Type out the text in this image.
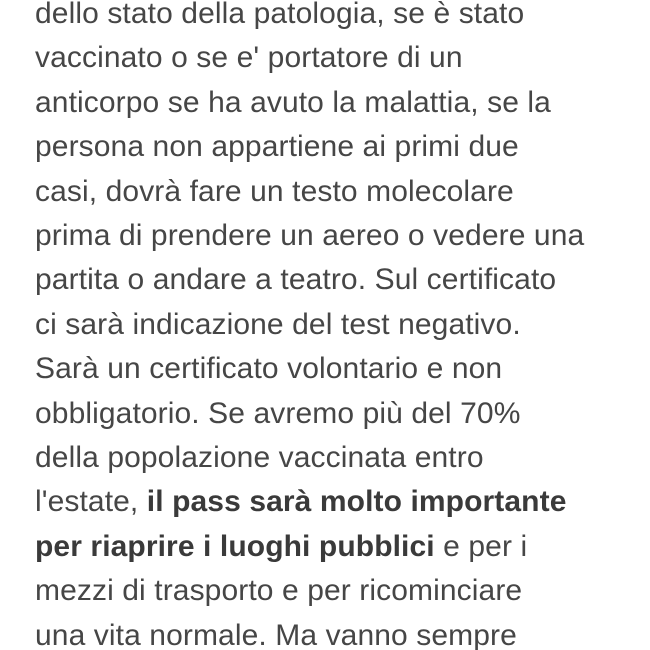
dello stato della patologia, se è stato
vaccinato o se e' portatore di un
anticorpo se ha avuto la malattia, se la
persona non appartiene ai primi due
casi, dovrà fare un testo molecolare
prima di prendere un aereo o vedere una
partita o andare a teatro. Sul certificato
ci sarà indicazione del test negativo.
Sarà un certificato volontario e non
obbligatorio. Se avremo più del 70%
della popolazione vaccinata entro
l'estate, il pass sarà molto importante
per riaprire i luoghi pubblici e per i
mezzi di trasporto e per ricominciare
una vita normale. Ma vanno sempre
